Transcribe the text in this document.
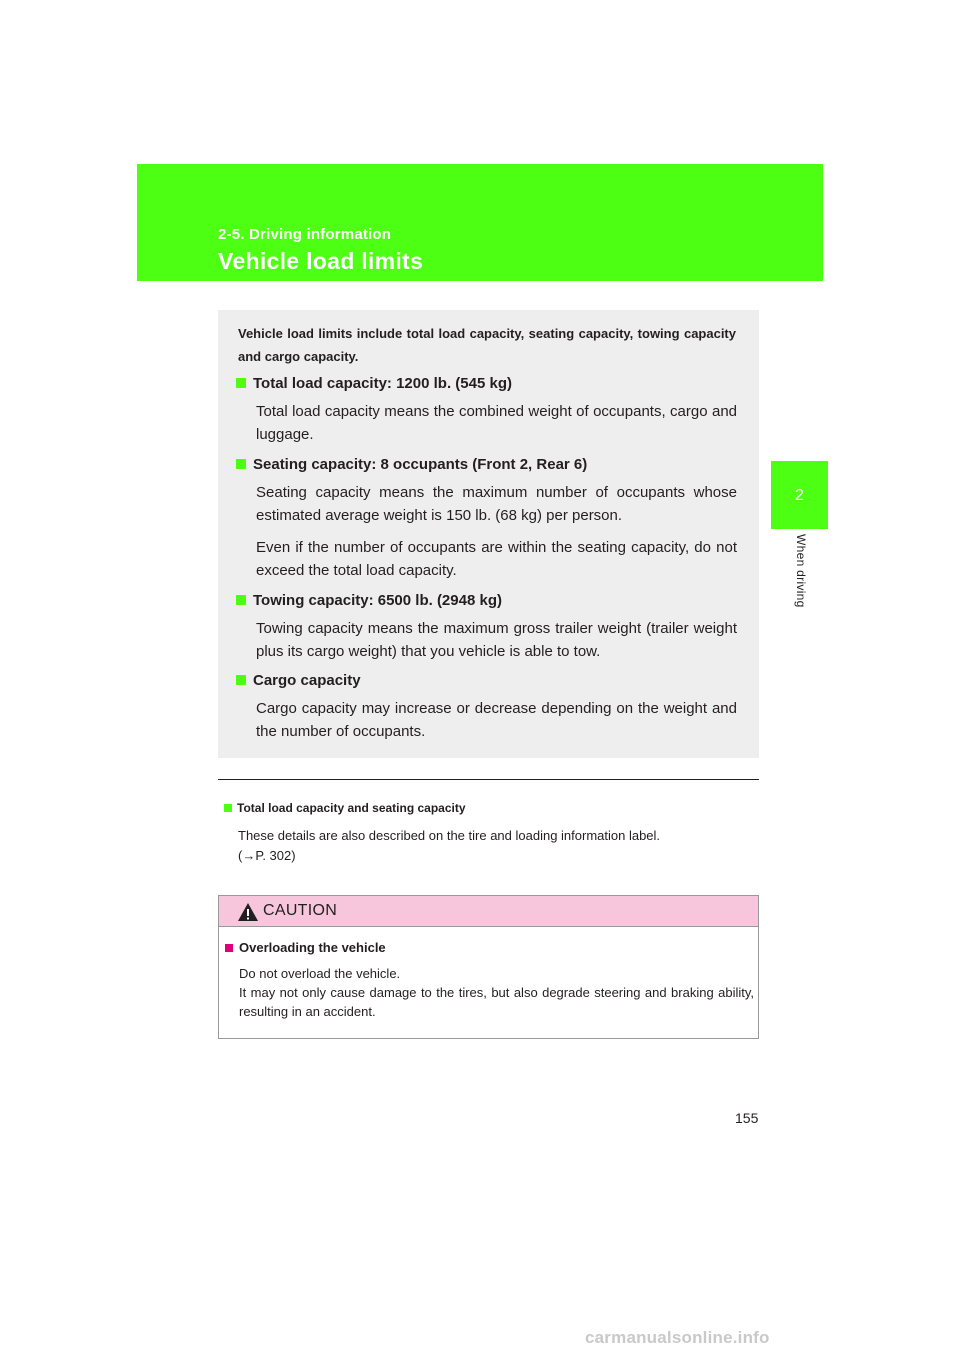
2-5. Driving information
Vehicle load limits
2
When driving
Vehicle load limits include total load capacity, seating capacity, towing capacity and cargo capacity.
Total load capacity: 1200 lb. (545 kg)
Total load capacity means the combined weight of occupants, cargo and luggage.
Seating capacity: 8 occupants (Front 2, Rear 6)
Seating capacity means the maximum number of occupants whose estimated average weight is 150 lb. (68 kg) per person.
Even if the number of occupants are within the seating capacity, do not exceed the total load capacity.
Towing capacity: 6500 lb. (2948 kg)
Towing capacity means the maximum gross trailer weight (trailer weight plus its cargo weight) that you vehicle is able to tow.
Cargo capacity
Cargo capacity may increase or decrease depending on the weight and the number of occupants.
Total load capacity and seating capacity
These details are also described on the tire and loading information label.
(→P. 302)
CAUTION
Overloading the vehicle
Do not overload the vehicle.
It may not only cause damage to the tires, but also degrade steering and braking ability, resulting in an accident.
155
carmanualsonline.info
